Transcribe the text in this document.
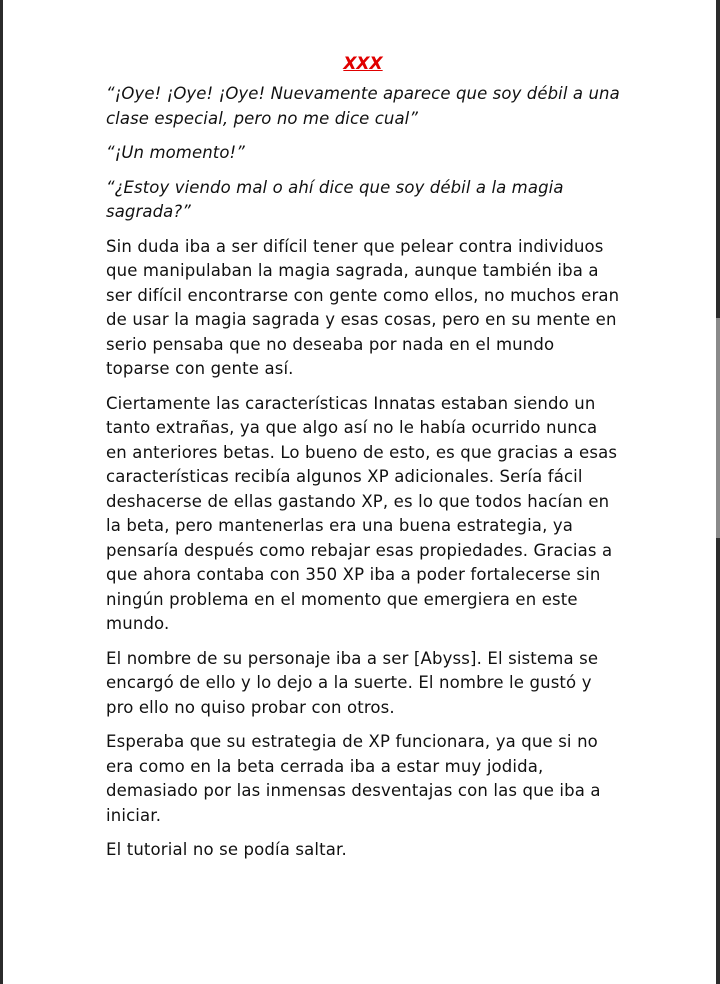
XXX

“¡Oye! ¡Oye! ¡Oye! Nuevamente aparece que soy débil a una clase especial, pero no me dice cual”

“¡Un momento!”

“¿Estoy viendo mal o ahí dice que soy débil a la magia sagrada?”

Sin duda iba a ser difícil tener que pelear contra individuos que manipulaban la magia sagrada, aunque también iba a ser difícil encontrarse con gente como ellos, no muchos eran de usar la magia sagrada y esas cosas, pero en su mente en serio pensaba que no deseaba por nada en el mundo toparse con gente así.

Ciertamente las características Innatas estaban siendo un tanto extrañas, ya que algo así no le había ocurrido nunca en anteriores betas. Lo bueno de esto, es que gracias a esas características recibía algunos XP adicionales. Sería fácil deshacerse de ellas gastando XP, es lo que todos hacían en la beta, pero mantenerlas era una buena estrategia, ya pensaría después como rebajar esas propiedades. Gracias a que ahora contaba con 350 XP iba a poder fortalecerse sin ningún problema en el momento que emergiera en este mundo.

El nombre de su personaje iba a ser [Abyss]. El sistema se encargó de ello y lo dejo a la suerte. El nombre le gustó y pro ello no quiso probar con otros.

Esperaba que su estrategia de XP funcionara, ya que si no era como en la beta cerrada iba a estar muy jodida, demasiado por las inmensas desventajas con las que iba a iniciar.

El tutorial no se podía saltar.
